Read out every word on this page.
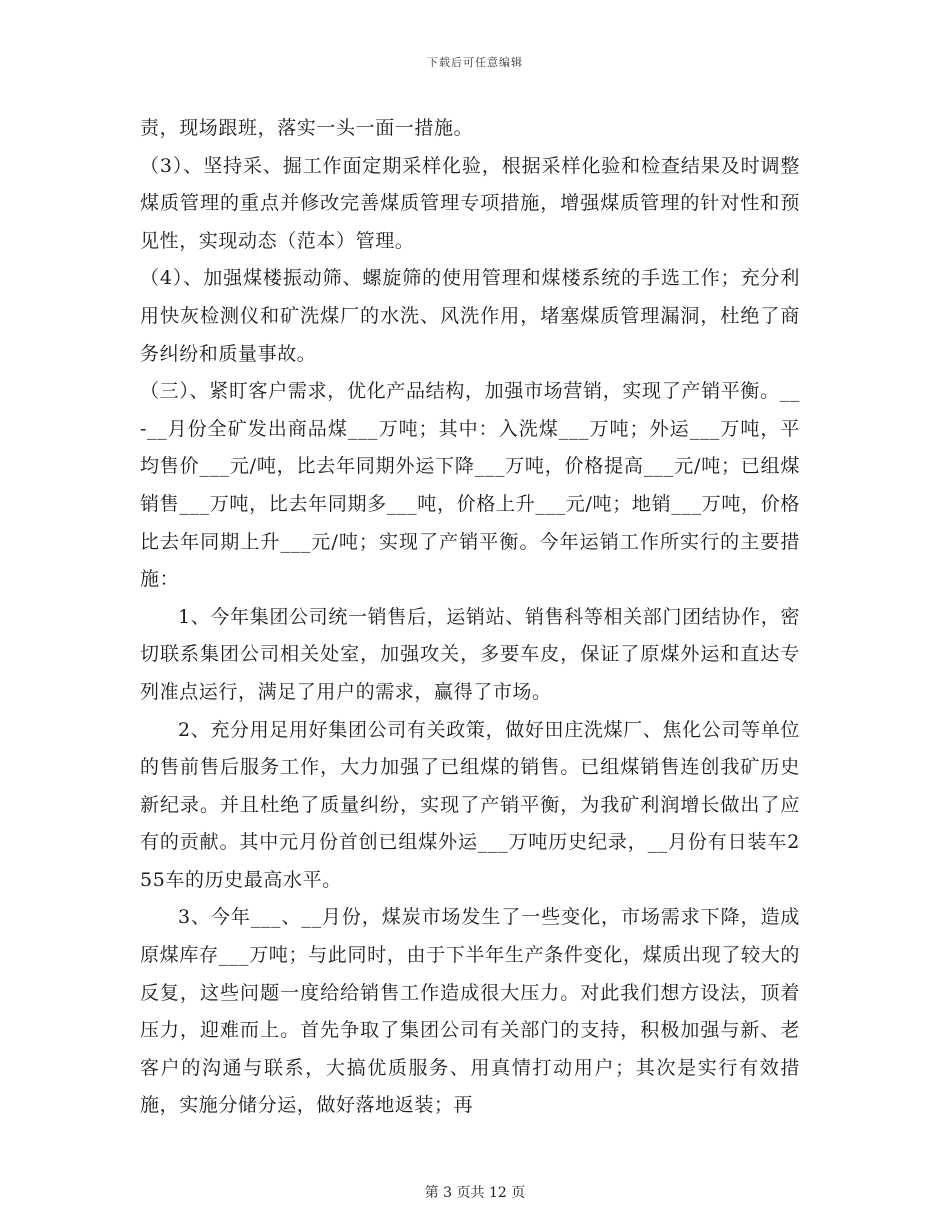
下载后可任意编辑

责，现场跟班，落实一头一面一措施。

（3）、坚持采、掘工作面定期采样化验，根据采样化验和检查结果及时调整煤质管理的重点并修改完善煤质管理专项措施，增强煤质管理的针对性和预见性，实现动态（范本）管理。

（4）、加强煤楼振动筛、螺旋筛的使用管理和煤楼系统的手选工作；充分利用快灰检测仪和矿洗煤厂的水洗、风洗作用，堵塞煤质管理漏洞，杜绝了商务纠纷和质量事故。

（三）、紧盯客户需求，优化产品结构，加强市场营销，实现了产销平衡。__-__月份全矿发出商品煤___万吨；其中：入洗煤___万吨；外运___万吨，平均售价___元/吨，比去年同期外运下降___万吨，价格提高___元/吨；已组煤销售___万吨，比去年同期多___吨，价格上升___元/吨；地销___万吨，价格比去年同期上升___元/吨；实现了产销平衡。今年运销工作所实行的主要措施：

1、今年集团公司统一销售后，运销站、销售科等相关部门团结协作，密切联系集团公司相关处室，加强攻关，多要车皮，保证了原煤外运和直达专列准点运行，满足了用户的需求，赢得了市场。

2、充分用足用好集团公司有关政策，做好田庄洗煤厂、焦化公司等单位的售前售后服务工作，大力加强了已组煤的销售。已组煤销售连创我矿历史新纪录。并且杜绝了质量纠纷，实现了产销平衡，为我矿利润增长做出了应有的贡献。其中元月份首创已组煤外运___万吨历史纪录，__月份有日装车255车的历史最高水平。

3、今年___、__月份，煤炭市场发生了一些变化，市场需求下降，造成原煤库存___万吨；与此同时，由于下半年生产条件变化，煤质出现了较大的反复，这些问题一度给给销售工作造成很大压力。对此我们想方设法，顶着压力，迎难而上。首先争取了集团公司有关部门的支持，积极加强与新、老客户的沟通与联系，大搞优质服务、用真情打动用户；其次是实行有效措施，实施分储分运，做好落地返装；再

第 3 页共 12 页
